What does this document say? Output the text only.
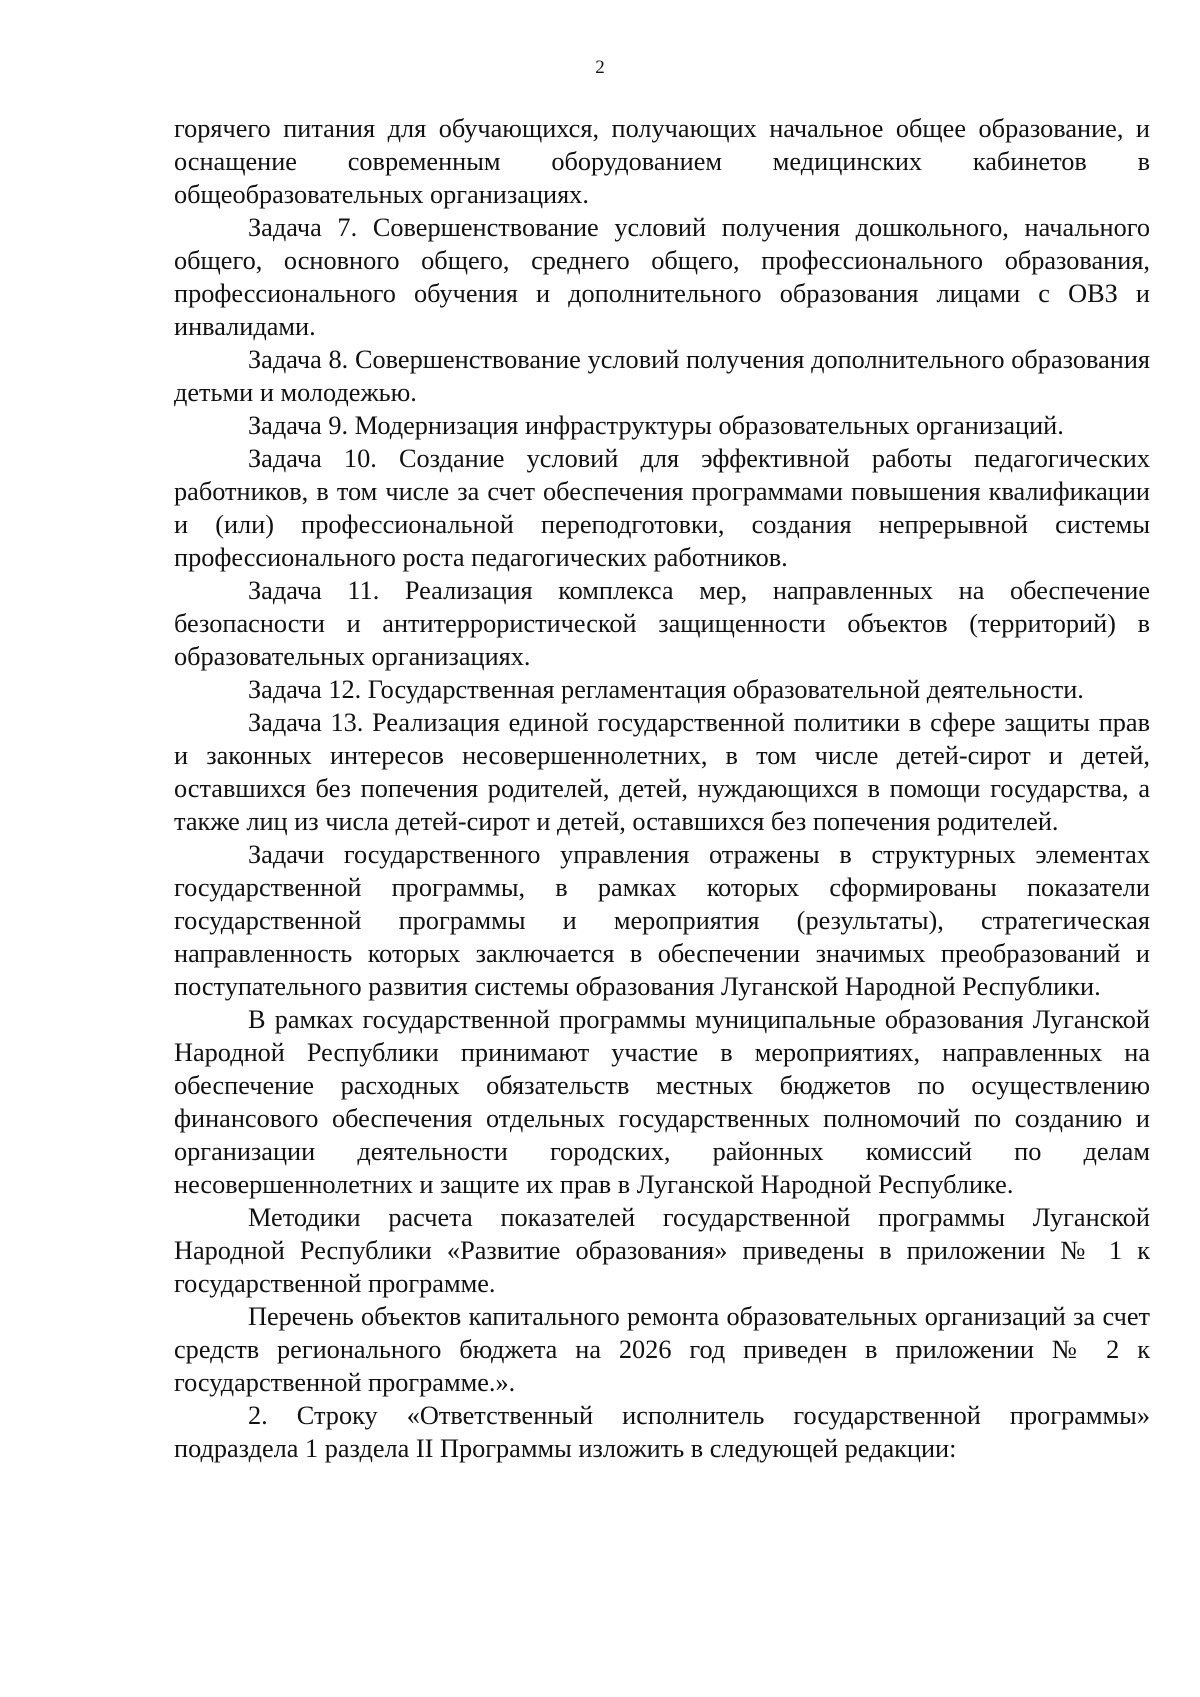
2

горячего питания для обучающихся, получающих начальное общее образование, и оснащение современным оборудованием медицинских кабинетов в общеобразовательных организациях.

Задача 7. Совершенствование условий получения дошкольного, начального общего, основного общего, среднего общего, профессионального образования, профессионального обучения и дополнительного образования лицами с ОВЗ и инвалидами.

Задача 8. Совершенствование условий получения дополнительного образования детьми и молодежью.

Задача 9. Модернизация инфраструктуры образовательных организаций.

Задача 10. Создание условий для эффективной работы педагогических работников, в том числе за счет обеспечения программами повышения квалификации и (или) профессиональной переподготовки, создания непрерывной системы профессионального роста педагогических работников.

Задача 11. Реализация комплекса мер, направленных на обеспечение безопасности и антитеррористической защищенности объектов (территорий) в образовательных организациях.

Задача 12. Государственная регламентация образовательной деятельности.

Задача 13. Реализация единой государственной политики в сфере защиты прав и законных интересов несовершеннолетних, в том числе детей-сирот и детей, оставшихся без попечения родителей, детей, нуждающихся в помощи государства, а также лиц из числа детей-сирот и детей, оставшихся без попечения родителей.

Задачи государственного управления отражены в структурных элементах государственной программы, в рамках которых сформированы показатели государственной программы и мероприятия (результаты), стратегическая направленность которых заключается в обеспечении значимых преобразований и поступательного развития системы образования Луганской Народной Республики.

В рамках государственной программы муниципальные образования Луганской Народной Республики принимают участие в мероприятиях, направленных на обеспечение расходных обязательств местных бюджетов по осуществлению финансового обеспечения отдельных государственных полномочий по созданию и организации деятельности городских, районных комиссий по делам несовершеннолетних и защите их прав в Луганской Народной Республике.

Методики расчета показателей государственной программы Луганской Народной Республики «Развитие образования» приведены в приложении № 1 к государственной программе.

Перечень объектов капитального ремонта образовательных организаций за счет средств регионального бюджета на 2026 год приведен в приложении № 2 к государственной программе.».

2. Строку «Ответственный исполнитель государственной программы» подраздела 1 раздела II Программы изложить в следующей редакции:
